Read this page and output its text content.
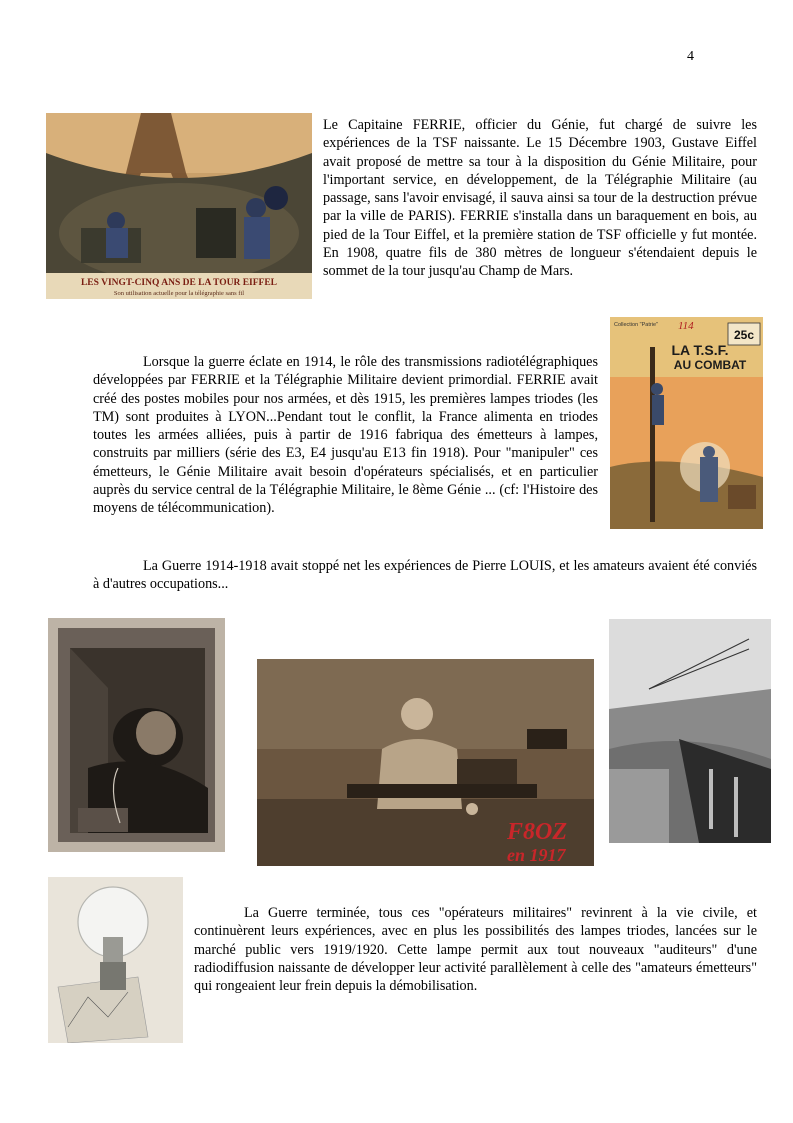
4
LES VINGT-CINQ ANS DE LA TOUR EIFFEL
Son utilisation actuelle pour la télégraphie sans fil

Le Capitaine FERRIE, officier du Génie, fut chargé de suivre les expériences de la TSF naissante. Le 15 Décembre 1903, Gustave Eiffel avait proposé de mettre sa tour à la disposition du Génie Militaire, pour l'important service, en développement, de la Télégraphie Militaire (au passage, sans l'avoir envisagé, il sauva ainsi sa tour de la destruction prévue par la ville de PARIS). FERRIE s'installa dans un baraquement en bois, au pied de la Tour Eiffel, et la première station de TSF officielle y fut montée. En 1908, quatre fils de 380 mètres de longueur s'étendaient depuis le sommet de la tour jusqu'au Champ de Mars.

Collection "Patrie" 114
25c
LA T.S.F.
AU COMBAT

Lorsque la guerre éclate en 1914, le rôle des transmissions radiotélégraphiques développées par FERRIE et la Télégraphie Militaire devient primordial. FERRIE avait créé des postes mobiles pour nos armées, et dès 1915, les premières lampes triodes (les TM) sont produites à LYON...Pendant tout le conflit, la France alimenta en triodes toutes les armées alliées, puis à partir de 1916 fabriqua des émetteurs à lampes, construits par milliers (série des E3, E4 jusqu'au E13 fin 1918). Pour "manipuler" ces émetteurs, le Génie Militaire avait besoin d'opérateurs spécialisés, et en particulier auprès du service central de la Télégraphie Militaire, le 8ème Génie ... (cf: l'Histoire des moyens de télécommunication).

La Guerre 1914-1918 avait stoppé net les expériences de Pierre LOUIS, et les amateurs avaient été conviés à d'autres occupations...

F8OZ
en 1917

La Guerre terminée, tous ces "opérateurs militaires" revinrent à la vie civile, et continuèrent leurs expériences, avec en plus les possibilités des lampes triodes, lancées sur le marché public vers 1919/1920. Cette lampe permit aux tout nouveaux "auditeurs" d'une radiodiffusion naissante de développer leur activité parallèlement à celle des "amateurs émetteurs" qui rongeaient leur frein depuis la démobilisation.
